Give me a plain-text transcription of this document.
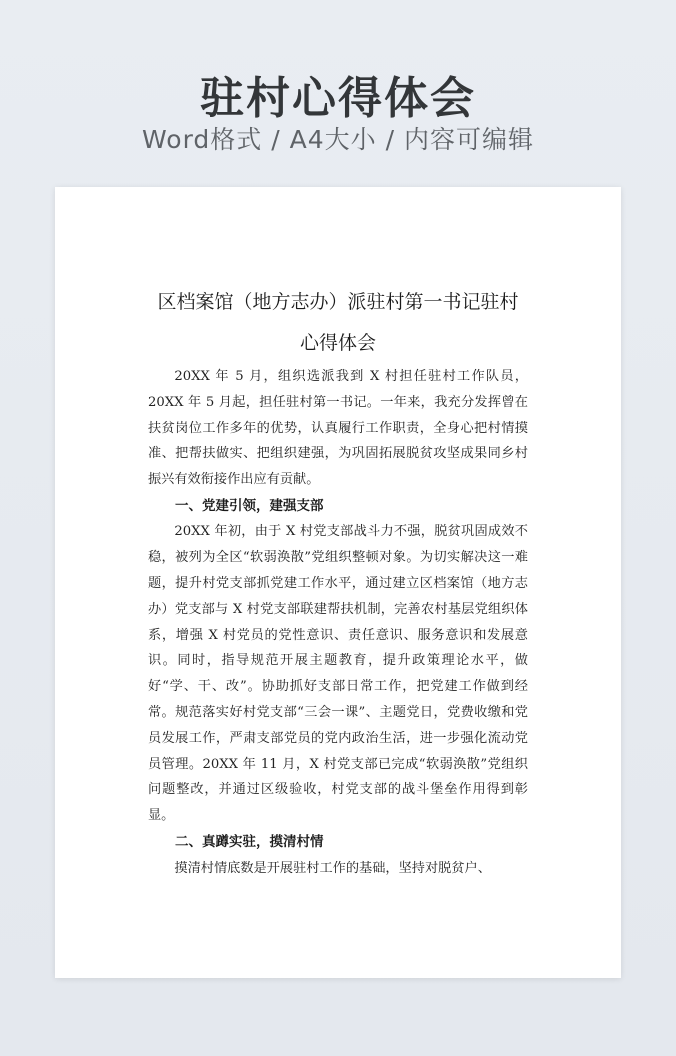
驻村心得体会
Word格式 / A4大小 / 内容可编辑
区档案馆（地方志办）派驻村第一书记驻村
心得体会

20XX 年 5 月，组织选派我到 X 村担任驻村工作队员，20XX 年 5 月起，担任驻村第一书记。一年来，我充分发挥曾在扶贫岗位工作多年的优势，认真履行工作职责，全身心把村情摸准、把帮扶做实、把组织建强，为巩固拓展脱贫攻坚成果同乡村振兴有效衔接作出应有贡献。

一、党建引领，建强支部

20XX 年初，由于 X 村党支部战斗力不强，脱贫巩固成效不稳，被列为全区“软弱涣散”党组织整顿对象。为切实解决这一难题，提升村党支部抓党建工作水平，通过建立区档案馆（地方志办）党支部与 X 村党支部联建帮扶机制，完善农村基层党组织体系，增强 X 村党员的党性意识、责任意识、服务意识和发展意识。同时，指导规范开展主题教育，提升政策理论水平，做好“学、干、改”。协助抓好支部日常工作，把党建工作做到经常。规范落实好村党支部“三会一课”、主题党日，党费收缴和党员发展工作，严肃支部党员的党内政治生活，进一步强化流动党员管理。20XX 年 11 月，X 村党支部已完成“软弱涣散”党组织问题整改，并通过区级验收，村党支部的战斗堡垒作用得到彰显。

二、真蹲实驻，摸清村情

摸清村情底数是开展驻村工作的基础，坚持对脱贫户、
